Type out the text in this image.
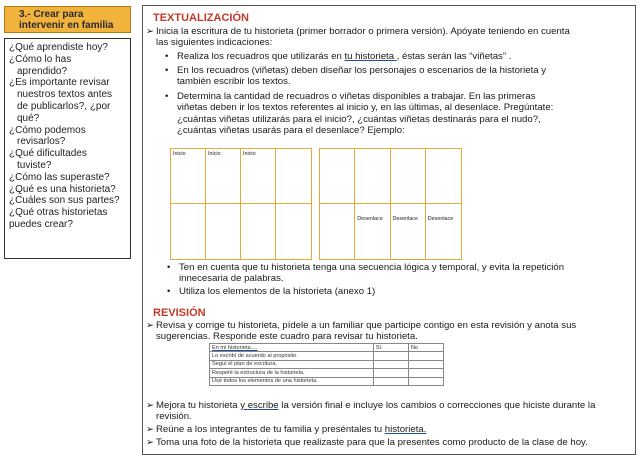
3.- Crear para intervenir en familia
¿Qué aprendiste hoy?
¿Cómo lo has
aprendido?
¿Es importante revisar
nuestros textos antes
de publicarlos?, ¿por
qué?
¿Cómo podemos
revisarlos?
¿Qué dificultades
tuviste?
¿Cómo las superaste?
¿Qué es una historieta?
¿Cuáles son sus partes?
¿Qué otras historietas
puedes crear?
TEXTUALIZACIÓN
➢ Inicia la escritura de tu historieta (primer borrador o primera versión). Apóyate teniendo en cuenta
las siguientes indicaciones:
• Realiza los recuadros que utilizarás en tu historieta , éstas serán las “viñetas” .
• En los recuadros (viñetas) deben diseñar los personajes o escenarios de la historieta y
también escribir los textos.
• Determina la cantidad de recuadros o viñetas disponibles a trabajar. En las primeras
viñetas deben ir los textos referentes al inicio y, en las últimas, al desenlace. Pregúntate:
¿cuántas viñetas utilizarás para el inicio?, ¿cuántas viñetas destinarás para el nudo?,
¿cuántas viñetas usarás para el desenlace? Ejemplo:
Inicio	Inicio	Inicio
Desenlace	Desenlace	Desenlace
• Ten en cuenta que tu historieta tenga una secuencia lógica y temporal, y evita la repetición
innecesaria de palabras.
• Utiliza los elementos de la historieta (anexo 1)
REVISIÓN
➢ Revisa y corrige tu historieta, pídele a un familiar que participe contigo en esta revisión y anota sus
sugerencias. Responde este cuadro para revisar tu historieta.
En mi historieta….	Sí	No
Lo escribí de acuerdo al propósito.		
Seguí el plan de escritura.		
Respeté la estructura de la historieta.		
Usé todos los elementos de una historieta.		
➢ Mejora tu historieta y escribe la versión final e incluye los cambios o correcciones que hiciste durante la
revisión.
➢ Reúne a los integrantes de tu familia y preséntales tu historieta.
➢ Toma una foto de la historieta que realizaste para que la presentes como producto de la clase de hoy.
